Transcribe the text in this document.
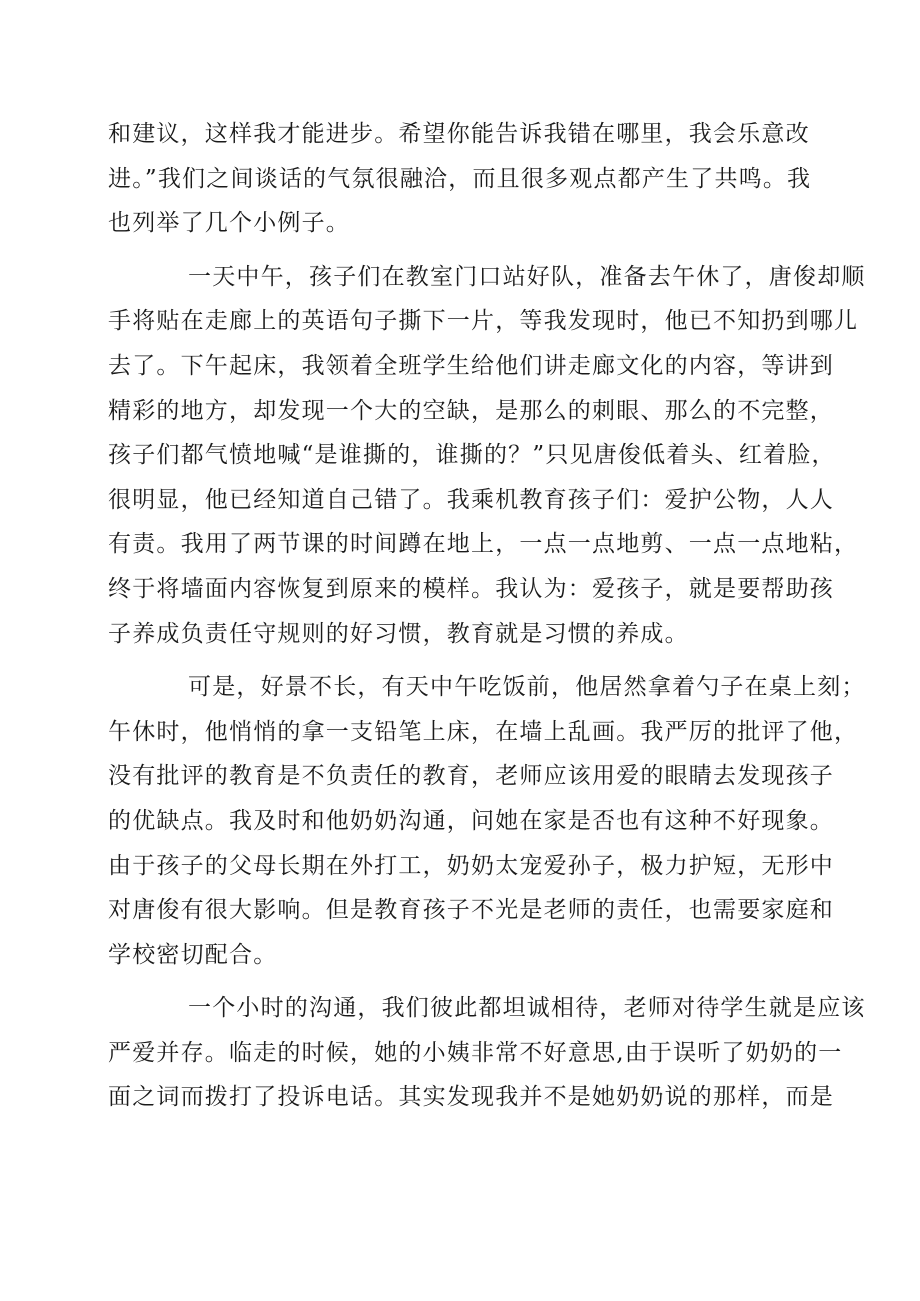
和建议，这样我才能进步。希望你能告诉我错在哪里，我会乐意改
进。”我们之间谈话的气氛很融洽，而且很多观点都产生了共鸣。我
也列举了几个小例子。
一天中午，孩子们在教室门口站好队，准备去午休了，唐俊却顺
手将贴在走廊上的英语句子撕下一片，等我发现时，他已不知扔到哪儿
去了。下午起床，我领着全班学生给他们讲走廊文化的内容，等讲到
精彩的地方，却发现一个大的空缺，是那么的刺眼、那么的不完整，
孩子们都气愤地喊“是谁撕的，谁撕的？”只见唐俊低着头、红着脸，
很明显，他已经知道自己错了。我乘机教育孩子们：爱护公物，人人
有责。我用了两节课的时间蹲在地上，一点一点地剪、一点一点地粘，
终于将墙面内容恢复到原来的模样。我认为：爱孩子，就是要帮助孩
子养成负责任守规则的好习惯，教育就是习惯的养成。
可是，好景不长，有天中午吃饭前，他居然拿着勺子在桌上刻；
午休时，他悄悄的拿一支铅笔上床，在墙上乱画。我严厉的批评了他，
没有批评的教育是不负责任的教育，老师应该用爱的眼睛去发现孩子
的优缺点。我及时和他奶奶沟通，问她在家是否也有这种不好现象。
由于孩子的父母长期在外打工，奶奶太宠爱孙子，极力护短，无形中
对唐俊有很大影响。但是教育孩子不光是老师的责任，也需要家庭和
学校密切配合。
一个小时的沟通，我们彼此都坦诚相待，老师对待学生就是应该
严爱并存。临走的时候，她的小姨非常不好意思,由于误听了奶奶的一
面之词而拨打了投诉电话。其实发现我并不是她奶奶说的那样，而是
